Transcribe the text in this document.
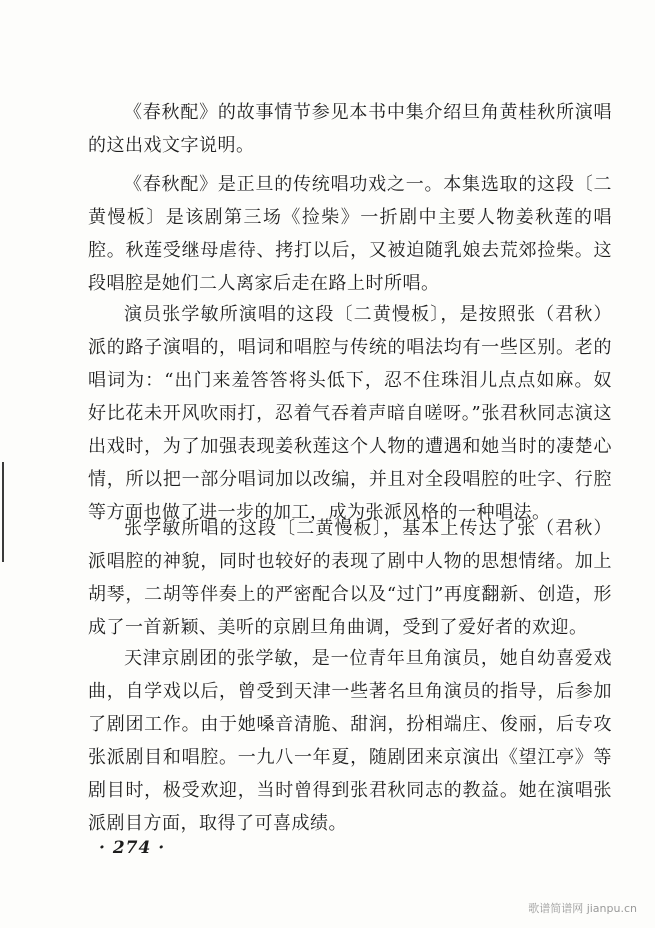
《春秋配》的故事情节参见本书中集介绍旦角黄桂秋所演唱的这出戏文字说明。

《春秋配》是正旦的传统唱功戏之一。本集选取的这段〔二黄慢板〕是该剧第三场《捡柴》一折剧中主要人物姜秋莲的唱腔。秋莲受继母虐待、拷打以后，又被迫随乳娘去荒郊捡柴。这段唱腔是她们二人离家后走在路上时所唱。

演员张学敏所演唱的这段〔二黄慢板〕，是按照张（君秋）派的路子演唱的，唱词和唱腔与传统的唱法均有一些区别。老的唱词为：“出门来羞答答将头低下，忍不住珠泪儿点点如麻。奴好比花未开风吹雨打，忍着气吞着声暗自嗟呀。”张君秋同志演这出戏时，为了加强表现姜秋莲这个人物的遭遇和她当时的凄楚心情，所以把一部分唱词加以改编，并且对全段唱腔的吐字、行腔等方面也做了进一步的加工，成为张派风格的一种唱法。

张学敏所唱的这段〔二黄慢板〕，基本上传达了张（君秋）派唱腔的神貌，同时也较好的表现了剧中人物的思想情绪。加上胡琴，二胡等伴奏上的严密配合以及“过门”再度翻新、创造，形成了一首新颖、美听的京剧旦角曲调，受到了爱好者的欢迎。

天津京剧团的张学敏，是一位青年旦角演员，她自幼喜爱戏曲，自学戏以后，曾受到天津一些著名旦角演员的指导，后参加了剧团工作。由于她嗓音清脆、甜润，扮相端庄、俊丽，后专攻张派剧目和唱腔。一九八一年夏，随剧团来京演出《望江亭》等剧目时，极受欢迎，当时曾得到张君秋同志的教益。她在演唱张派剧目方面，取得了可喜成绩。

· 274 ·
歌谱简谱网 jianpu.cn
